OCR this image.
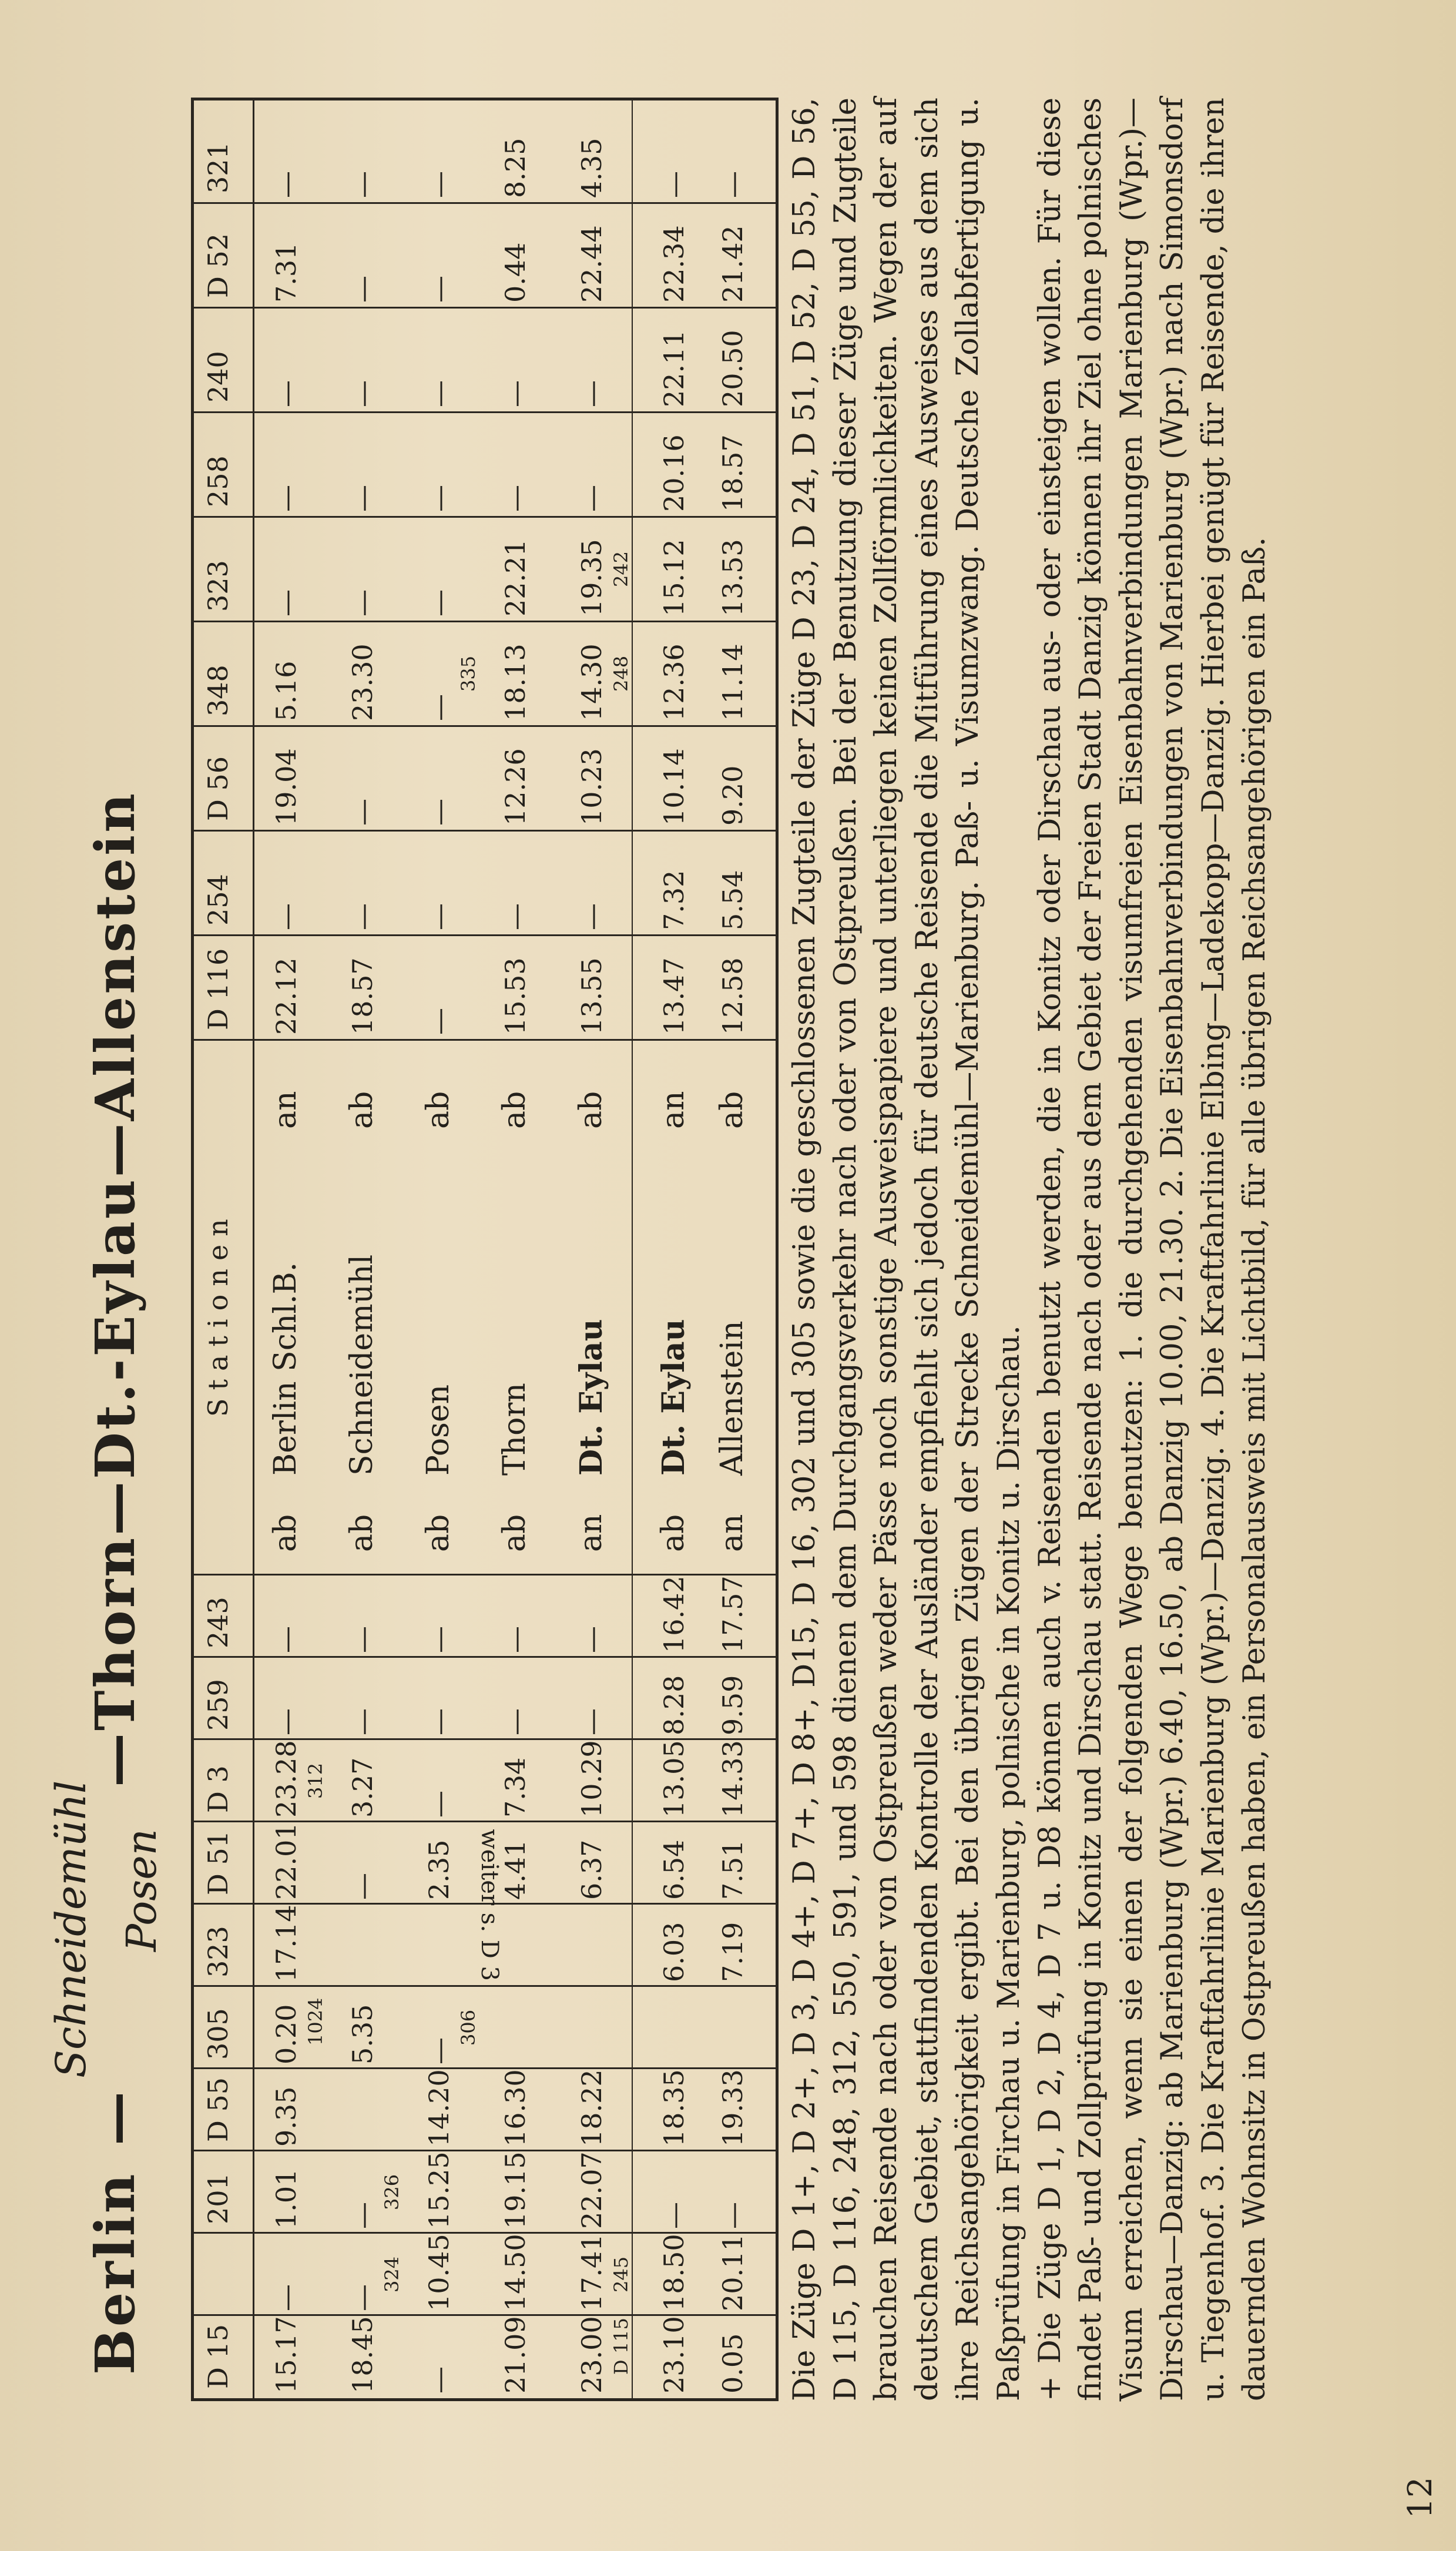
12
Berlin
—
Schneidemühl Posen
—Thorn—Dt.-Eylau—Allenstein
D 15
201
D 55
305
323
D 51
D 3
259
243
Stationen
D 116
254
D 56
348
323
258
240
D 52
321
15.17
—
1.01
9.35
0.20
17.14
22.01
23.28
—
—
1024
312
ab
Berlin Schl.B.
an
22.12
—
19.04
5.16
—
—
—
7.31
—
18.45
—
—
5.35
—
3.27
—
—
324
326
ab
Schneidemühl
ab
18.57
—
—
23.30
—
—
—
—
—
—
10.45
15.25
14.20
—
2.35
—
—
—
306
ab
Posen
ab
—
—
—
—
—
—
—
—
—
335
21.09
14.50
19.15
16.30
4.41
7.34
—
—
ab
Thorn
ab
15.53
—
12.26
18.13
22.21
—
—
0.44
8.25
23.00
17.41
22.07
18.22
6.37
10.29
—
—
D 115
245
an
Dt. Eylau
ab
13.55
—
10.23
14.30
19.35
—
—
22.44
4.35
248
242
23.10
18.50
—
18.35
6.03
6.54
13.05
8.28
16.42
ab
Dt. Eylau
an
13.47
7.32
10.14
12.36
15.12
20.16
22.11
22.34
—
0.05
20.11
—
19.33
7.19
7.51
14.33
9.59
17.57
an
Allenstein
ab
12.58
5.54
9.20
11.14
13.53
18.57
20.50
21.42
—
weiter s. D 3	Die Züge D 1+, D 2+, D 3, D 4+, D 7+, D 8+, D15, D 16, 302 und 305 sowie die geschlossenen Zugteile der Züge D 23, D 24, D 51, D 52, D 55, D 56, D 115, D 116, 248, 312, 550, 591, und 598 dienen dem Durchgangsverkehr nach oder von Ostpreußen. Bei der Benutzung dieser Züge und Zugteile brauchen Reisende nach oder von Ostpreußen weder Pässe noch sonstige Ausweispapiere und unterliegen keinen Zollförmlichkeiten. Wegen der auf deutschem Gebiet, stattfindenden Kontrolle der Ausländer empfiehlt sich jedoch für deutsche Reisende die Mitführung eines Ausweises aus dem sich ihre Reichsangehörigkeit ergibt. Bei den übrigen Zügen der Strecke Schneidemühl—Marienburg. Paß- u. Visumzwang. Deutsche Zollabfertigung u. Paßprüfung in Firchau u. Marienburg, polnische in Konitz u. Dirschau. + Die Züge D 1, D 2, D 4, D 7 u. D8 können auch v. Reisenden benutzt werden, die in Konitz oder Dirschau aus- oder einsteigen wollen. Für diese findet Paß- und Zollprüfung in Konitz und Dirschau statt. Reisende nach oder aus dem Gebiet der Freien Stadt Danzig können ihr Ziel ohne polnisches Visum erreichen, wenn sie einen der folgenden Wege benutzen: 1. die durchgehenden visumfreien Eisenbahnverbindungen Marienburg (Wpr.)—Dirschau—Danzig: ab Marienburg (Wpr.) 6.40, 16.50, ab Danzig 10.00, 21.30. 2. Die Eisenbahnverbindungen von Marienburg (Wpr.) nach Simonsdorf u. Tiegenhof. 3. Die Kraftfahrlinie Marienburg (Wpr.)—Danzig. 4. Die Kraftfahrlinie Elbing—Ladekopp—Danzig. Hierbei genügt für Reisende, die ihren dauernden Wohnsitz in Ostpreußen haben, ein Personalausweis mit Lichtbild, für alle übrigen Reichsangehörigen ein Paß.
